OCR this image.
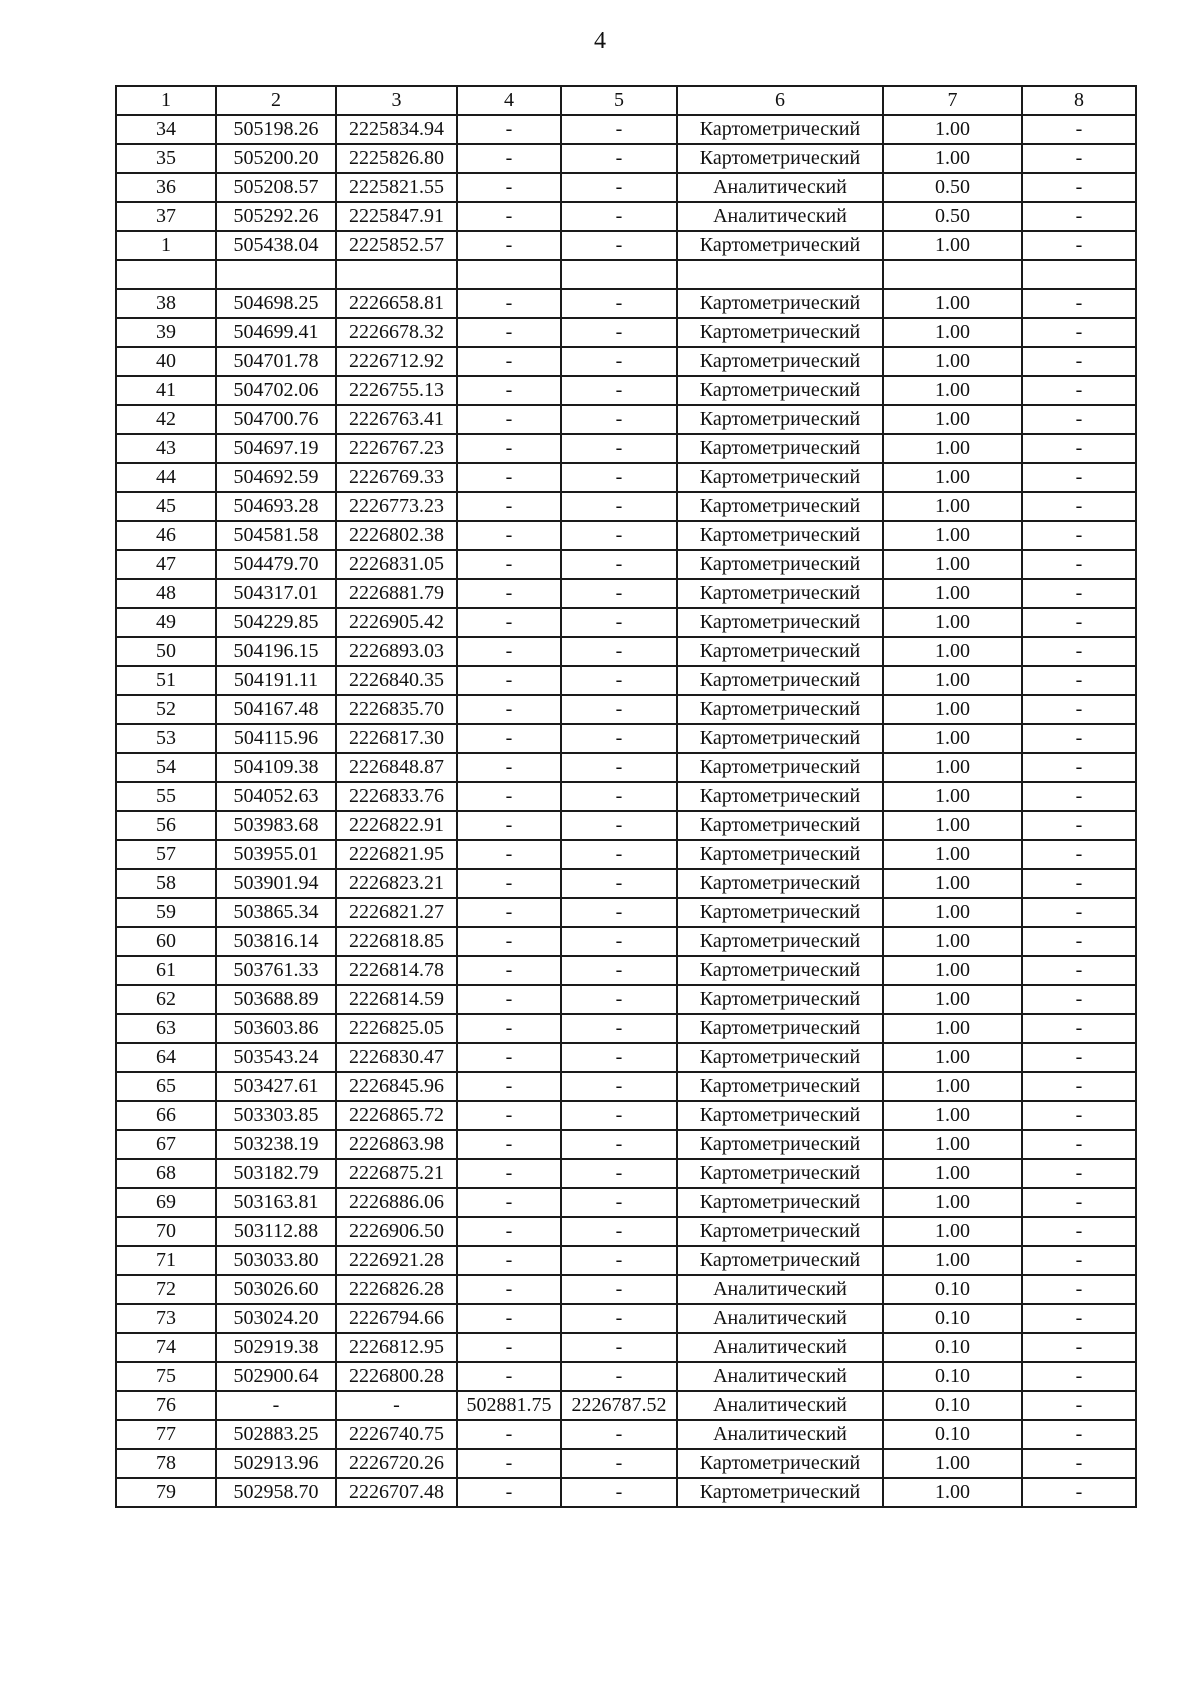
4
1	2	3	4	5	6	7	8
34	505198.26	2225834.94	-	-	Картометрический	1.00	-
35	505200.20	2225826.80	-	-	Картометрический	1.00	-
36	505208.57	2225821.55	-	-	Аналитический	0.50	-
37	505292.26	2225847.91	-	-	Аналитический	0.50	-
1	505438.04	2225852.57	-	-	Картометрический	1.00	-

38	504698.25	2226658.81	-	-	Картометрический	1.00	-
39	504699.41	2226678.32	-	-	Картометрический	1.00	-
40	504701.78	2226712.92	-	-	Картометрический	1.00	-
41	504702.06	2226755.13	-	-	Картометрический	1.00	-
42	504700.76	2226763.41	-	-	Картометрический	1.00	-
43	504697.19	2226767.23	-	-	Картометрический	1.00	-
44	504692.59	2226769.33	-	-	Картометрический	1.00	-
45	504693.28	2226773.23	-	-	Картометрический	1.00	-
46	504581.58	2226802.38	-	-	Картометрический	1.00	-
47	504479.70	2226831.05	-	-	Картометрический	1.00	-
48	504317.01	2226881.79	-	-	Картометрический	1.00	-
49	504229.85	2226905.42	-	-	Картометрический	1.00	-
50	504196.15	2226893.03	-	-	Картометрический	1.00	-
51	504191.11	2226840.35	-	-	Картометрический	1.00	-
52	504167.48	2226835.70	-	-	Картометрический	1.00	-
53	504115.96	2226817.30	-	-	Картометрический	1.00	-
54	504109.38	2226848.87	-	-	Картометрический	1.00	-
55	504052.63	2226833.76	-	-	Картометрический	1.00	-
56	503983.68	2226822.91	-	-	Картометрический	1.00	-
57	503955.01	2226821.95	-	-	Картометрический	1.00	-
58	503901.94	2226823.21	-	-	Картометрический	1.00	-
59	503865.34	2226821.27	-	-	Картометрический	1.00	-
60	503816.14	2226818.85	-	-	Картометрический	1.00	-
61	503761.33	2226814.78	-	-	Картометрический	1.00	-
62	503688.89	2226814.59	-	-	Картометрический	1.00	-
63	503603.86	2226825.05	-	-	Картометрический	1.00	-
64	503543.24	2226830.47	-	-	Картометрический	1.00	-
65	503427.61	2226845.96	-	-	Картометрический	1.00	-
66	503303.85	2226865.72	-	-	Картометрический	1.00	-
67	503238.19	2226863.98	-	-	Картометрический	1.00	-
68	503182.79	2226875.21	-	-	Картометрический	1.00	-
69	503163.81	2226886.06	-	-	Картометрический	1.00	-
70	503112.88	2226906.50	-	-	Картометрический	1.00	-
71	503033.80	2226921.28	-	-	Картометрический	1.00	-
72	503026.60	2226826.28	-	-	Аналитический	0.10	-
73	503024.20	2226794.66	-	-	Аналитический	0.10	-
74	502919.38	2226812.95	-	-	Аналитический	0.10	-
75	502900.64	2226800.28	-	-	Аналитический	0.10	-
76	-	-	502881.75	2226787.52	Аналитический	0.10	-
77	502883.25	2226740.75	-	-	Аналитический	0.10	-
78	502913.96	2226720.26	-	-	Картометрический	1.00	-
79	502958.70	2226707.48	-	-	Картометрический	1.00	-
